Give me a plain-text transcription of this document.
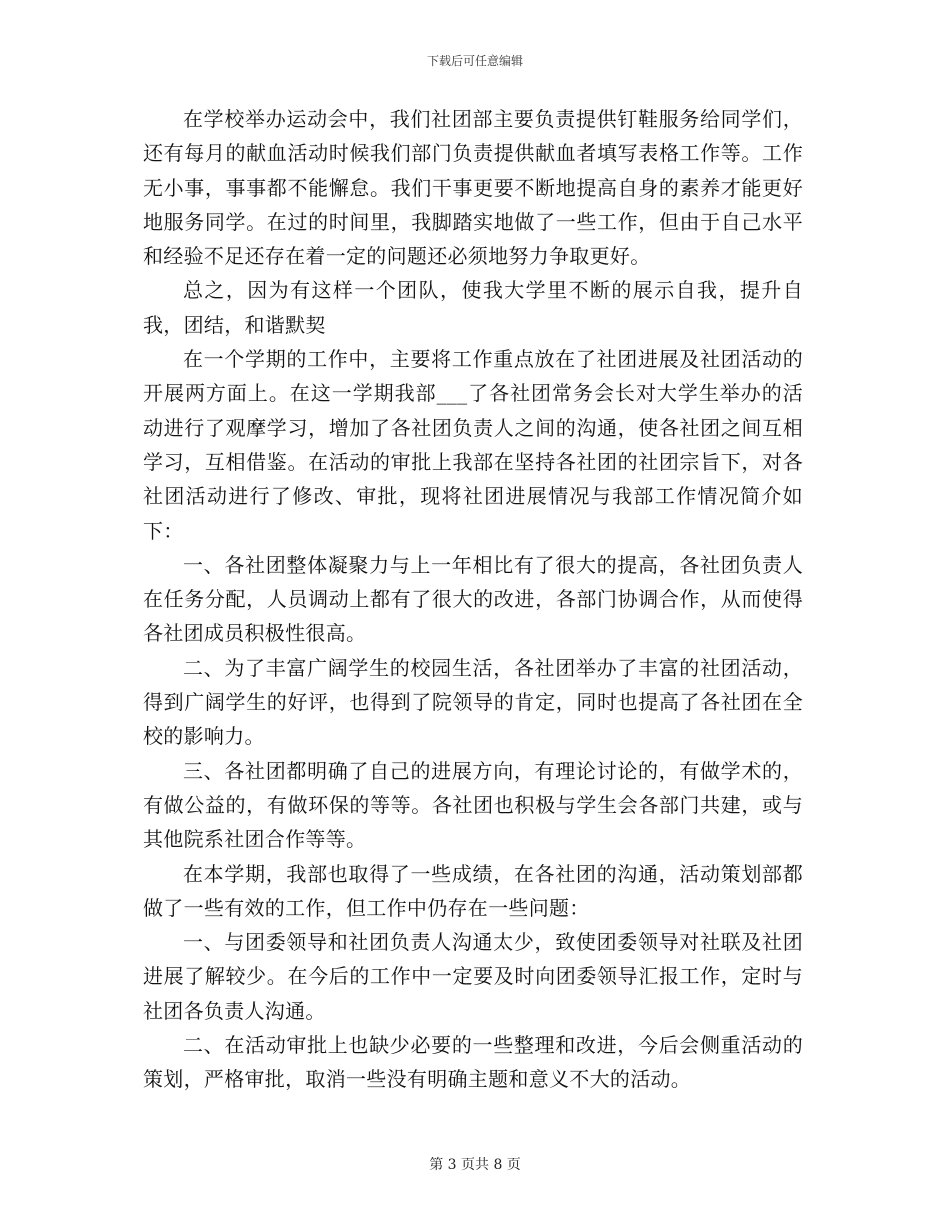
下载后可任意编辑

在学校举办运动会中，我们社团部主要负责提供钉鞋服务给同学们，还有每月的献血活动时候我们部门负责提供献血者填写表格工作等。工作无小事，事事都不能懈怠。我们干事更要不断地提高自身的素养才能更好地服务同学。在过的时间里，我脚踏实地做了一些工作，但由于自己水平和经验不足还存在着一定的问题还必须地努力争取更好。

总之，因为有这样一个团队，使我大学里不断的展示自我，提升自我，团结，和谐默契

在一个学期的工作中，主要将工作重点放在了社团进展及社团活动的开展两方面上。在这一学期我部___了各社团常务会长对大学生举办的活动进行了观摩学习，增加了各社团负责人之间的沟通，使各社团之间互相学习，互相借鉴。在活动的审批上我部在坚持各社团的社团宗旨下，对各社团活动进行了修改、审批，现将社团进展情况与我部工作情况简介如下：

一、各社团整体凝聚力与上一年相比有了很大的提高，各社团负责人在任务分配，人员调动上都有了很大的改进，各部门协调合作，从而使得各社团成员积极性很高。

二、为了丰富广阔学生的校园生活，各社团举办了丰富的社团活动，得到广阔学生的好评，也得到了院领导的肯定，同时也提高了各社团在全校的影响力。

三、各社团都明确了自己的进展方向，有理论讨论的，有做学术的，有做公益的，有做环保的等等。各社团也积极与学生会各部门共建，或与其他院系社团合作等等。

在本学期，我部也取得了一些成绩，在各社团的沟通，活动策划部都做了一些有效的工作，但工作中仍存在一些问题：

一、与团委领导和社团负责人沟通太少，致使团委领导对社联及社团进展了解较少。在今后的工作中一定要及时向团委领导汇报工作，定时与社团各负责人沟通。

二、在活动审批上也缺少必要的一些整理和改进，今后会侧重活动的策划，严格审批，取消一些没有明确主题和意义不大的活动。

第 3 页共 8 页
